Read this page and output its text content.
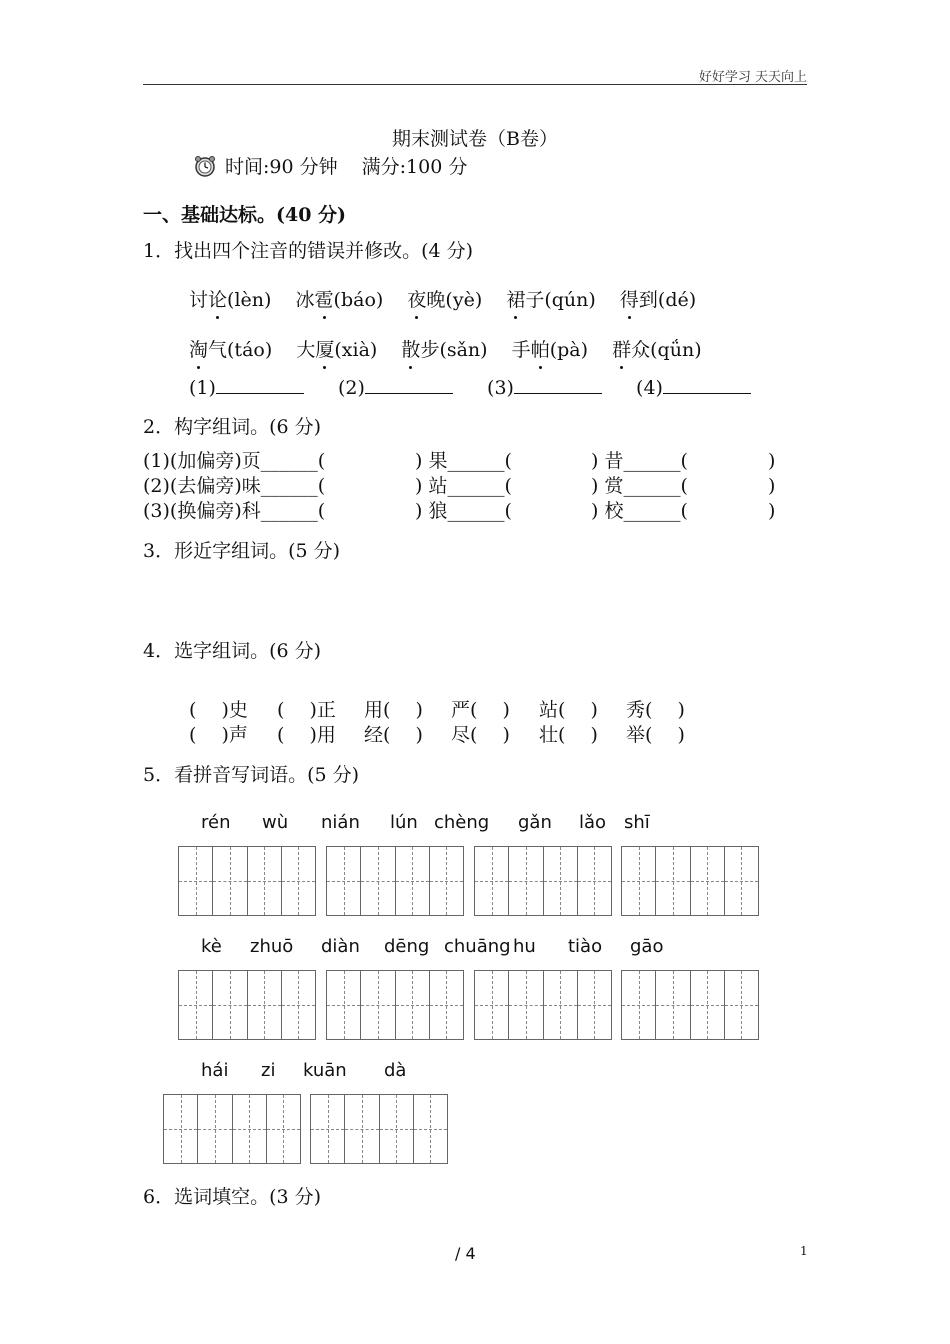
好好学习 天天向上
期末测试卷（B卷）
时间:90 分钟 满分:100 分
一、基础达标。(40 分)
1．找出四个注音的错误并修改。(4 分)
讨论(lèn) 冰雹(báo) 夜晚(yè) 裙子(qún) 得到(dé)
淘气(táo) 大厦(xià) 散步(sǎn) 手帕(pà) 群众(qǘn)
(1)	(2)	(3)	(4)
2．构字组词。(6 分)
(1)(加偏旁)页______(	) 果______(	) 昔______(	)
(2)(去偏旁)味______(	) 站______(	) 赏______(	)
(3)(换偏旁)科______(	) 狼______(	) 校______(	)
3．形近字组词。(5 分)
4．选字组词。(6 分)
(　 )史 (　 )正 用(　 ) 严(　 ) 站(　 ) 秀(　 )
(　 )声 (　 )用 经(　 ) 尽(　 ) 壮(　 ) 举(　 )
5．看拼音写词语。(5 分)
rén wù nián lún chèng gǎn lǎo shī
kè zhuō diàn dēng chuāng hu tiào gāo
hái zi kuān dà
6．选词填空。(3 分)
/ 4	1
